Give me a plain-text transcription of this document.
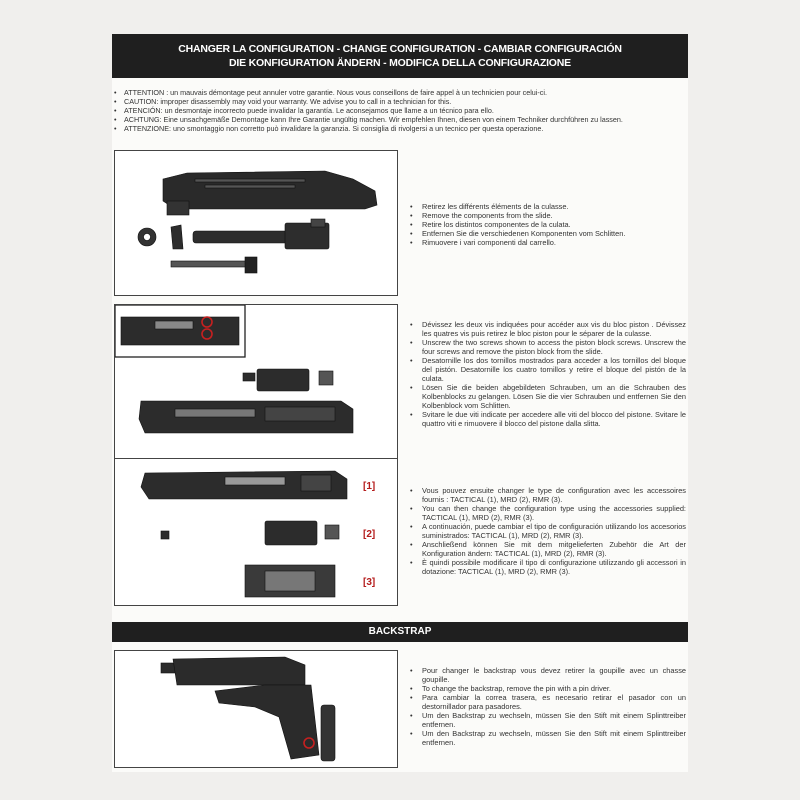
CHANGER LA CONFIGURATION - CHANGE CONFIGURATION - CAMBIAR CONFIGURACIÓN
DIE KONFIGURATION ÄNDERN - MODIFICA DELLA CONFIGURAZIONE
• ATTENTION : un mauvais démontage peut annuler votre garantie. Nous vous conseillons de faire appel à un technicien pour celui-ci.
• CAUTION: improper disassembly may void your warranty. We advise you to call in a technician for this.
• ATENCIÓN: un desmontaje incorrecto puede invalidar la garantía. Le aconsejamos que llame a un técnico para ello.
• ACHTUNG: Eine unsachgemäße Demontage kann Ihre Garantie ungültig machen. Wir empfehlen Ihnen, diesen von einem Techniker durchführen zu lassen.
• ATTENZIONE: uno smontaggio non corretto può invalidare la garanzia. Si consiglia di rivolgersi a un tecnico per questa operazione.
• Retirez les différents éléments de la culasse.
• Remove the components from the slide.
• Retire los distintos componentes de la culata.
• Entfernen Sie die verschiedenen Komponenten vom Schlitten.
• Rimuovere i vari componenti dal carrello.
• Dévissez les deux vis indiquées pour accéder aux vis du bloc piston . Dévissez les quatres vis puis retirez le bloc piston pour le séparer de la culasse.
• Unscrew the two screws shown to access the piston block screws. Unscrew the four screws and remove the piston block from the slide.
• Desatornille los dos tornillos mostrados para acceder a los tornillos del bloque del pistón. Desatornille los cuatro tornillos y retire el bloque del pistón de la culata.
• Lösen Sie die beiden abgebildeten Schrauben, um an die Schrauben des Kolbenblocks zu gelangen. Lösen Sie die vier Schrauben und entfernen Sie den Kolbenblock vom Schlitten.
• Svitare le due viti indicate per accedere alle viti del blocco del pistone. Svitare le quattro viti e rimuovere il blocco del pistone dalla slitta.
[1]
[2]
[3]
• Vous pouvez ensuite changer le type de configuration avec les accessoires fournis : TACTICAL (1), MRD (2), RMR (3).
• You can then change the configuration type using the accessories supplied: TACTICAL (1), MRD (2), RMR (3).
• A continuación, puede cambiar el tipo de configuración utilizando los accesorios suministrados: TACTICAL (1), MRD (2), RMR (3).
• Anschließend können Sie mit dem mitgelieferten Zubehör die Art der Konfiguration ändern: TACTICAL (1), MRD (2), RMR (3).
• È quindi possibile modificare il tipo di configurazione utilizzando gli accessori in dotazione: TACTICAL (1), MRD (2), RMR (3).
BACKSTRAP
• Pour changer le backstrap vous devez retirer la goupille avec un chasse goupille.
• To change the backstrap, remove the pin with a pin driver.
• Para cambiar la correa trasera, es necesario retirar el pasador con un destornillador para pasadores.
• Um den Backstrap zu wechseln, müssen Sie den Stift mit einem Splinttreiber entfernen.
• Um den Backstrap zu wechseln, müssen Sie den Stift mit einem Splinttreiber entfernen.
